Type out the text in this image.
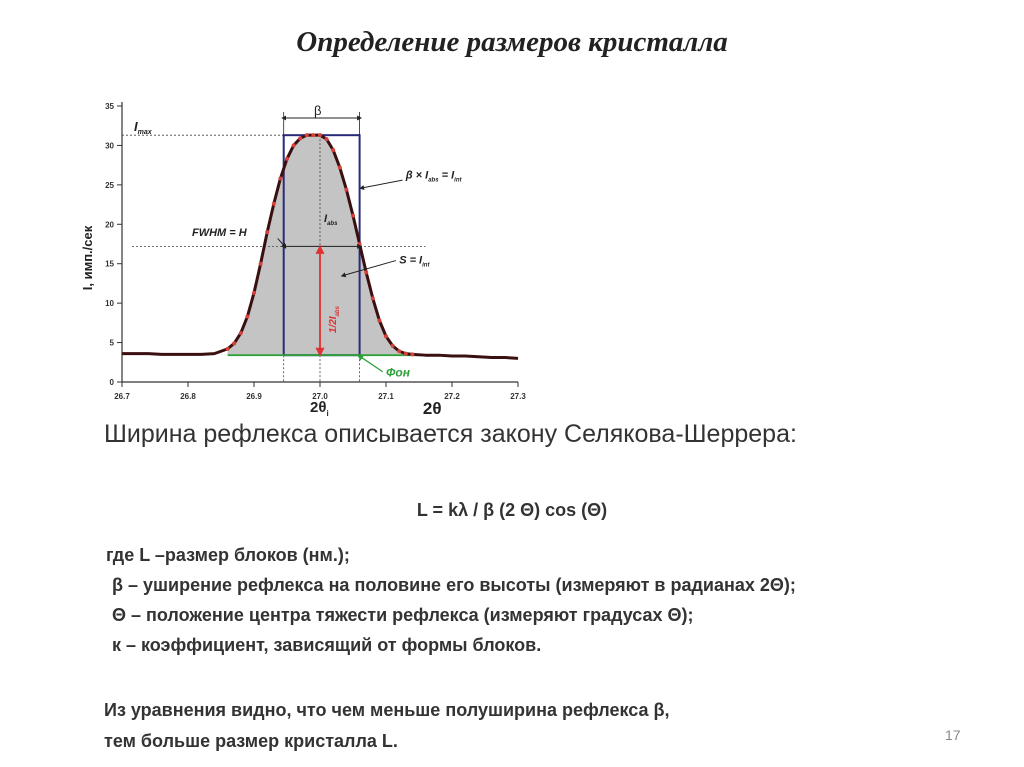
Определение размеров кристалла
0
5
10
15
20
25
30
35
26.7	26.8	26.9	27.0	27.1	27.2	27.3
I, имп./сек
2θ
β
$I_{max}$
$\beta \times I_{abs} = I_{int}$
FWHM = H
$I_{abs}$
$S = I_{int}$
$1/2I_{abs}$
Фон
$2\theta_i$
Ширина рефлекса описывается закону Селякова-Шеррера:
L = kλ / β (2 Θ) cos (Θ)
где L –размер блоков (нм.);
β – уширение рефлекса на половине его высоты (измеряют в радианах 2Θ);
Θ – положение центра тяжести рефлекса (измеряют градусах Θ);
к – коэффициент, зависящий от формы блоков.
Из уравнения видно, что чем меньше полуширина рефлекса β,
тем больше размер кристалла L.	17
